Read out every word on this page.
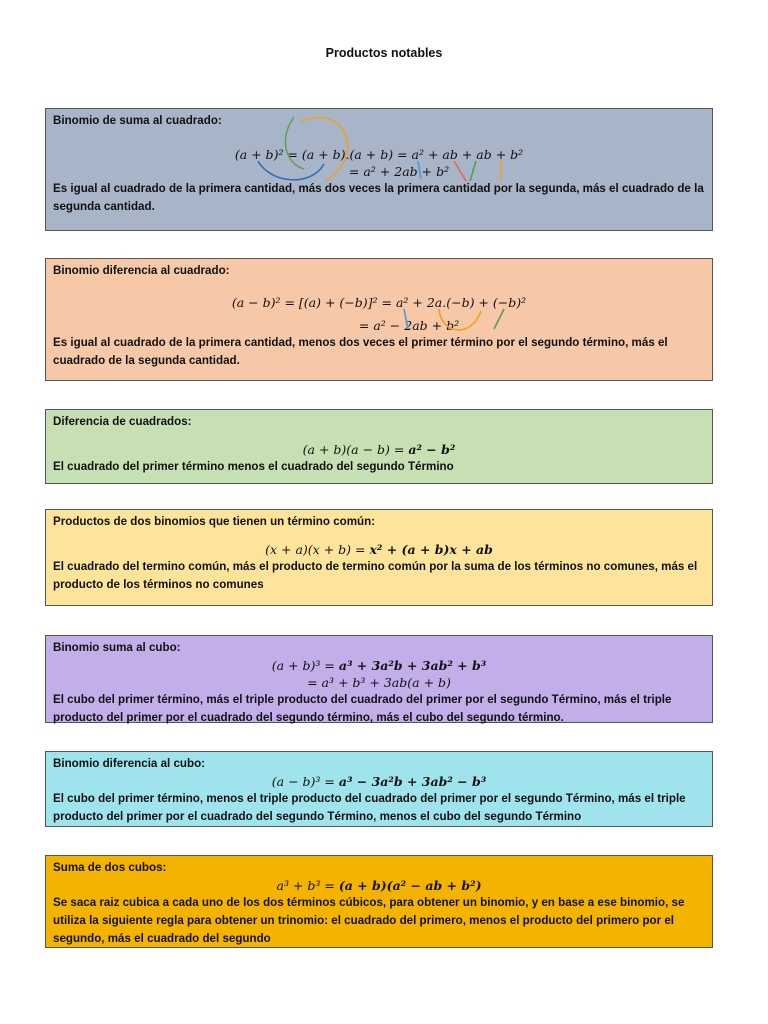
Productos notables
Binomio de suma al cuadrado:
(a + b)² = (a + b).(a + b) = a² + ab + ab + b²
= a² + 2ab + b²
Es igual al cuadrado de la primera cantidad, más dos veces la primera cantidad por la segunda, más el cuadrado de la segunda cantidad.
Binomio diferencia al cuadrado:
(a − b)² = [(a) + (−b)]² = a² + 2a.(−b) + (−b)²
= a² − 2ab + b²
Es igual al cuadrado de la primera cantidad, menos dos veces el primer término por el segundo término, más el cuadrado de la segunda cantidad.
Diferencia de cuadrados:
(a + b)(a − b) = a² − b²
El cuadrado del primer término menos el cuadrado del segundo Término
Productos de dos binomios que tienen un término común:
(x + a)(x + b) = x² + (a + b)x + ab
El cuadrado del termino común, más el producto de termino común por la suma de los términos no comunes, más el producto de los términos no comunes
Binomio suma al cubo:
(a + b)³ = a³ + 3a²b + 3ab² + b³
= a³ + b³ + 3ab(a + b)
El cubo del primer término, más el triple producto del cuadrado del primer por el segundo Término, más el triple producto del primer por el cuadrado del segundo término, más el cubo del segundo término.
Binomio diferencia al cubo:
(a − b)³ = a³ − 3a²b + 3ab² − b³
El cubo del primer término, menos el triple producto del cuadrado del primer por el segundo Término, más el triple producto del primer por el cuadrado del segundo Término, menos el cubo del segundo Término
Suma de dos cubos:
a³ + b³ = (a + b)(a² − ab + b²)
Se saca raiz cubica a cada uno de los dos términos cúbicos, para obtener un binomio, y en base a ese binomio, se utiliza la siguiente regla para obtener un trinomio: el cuadrado del primero, menos el producto del primero por el segundo, más el cuadrado del segundo
